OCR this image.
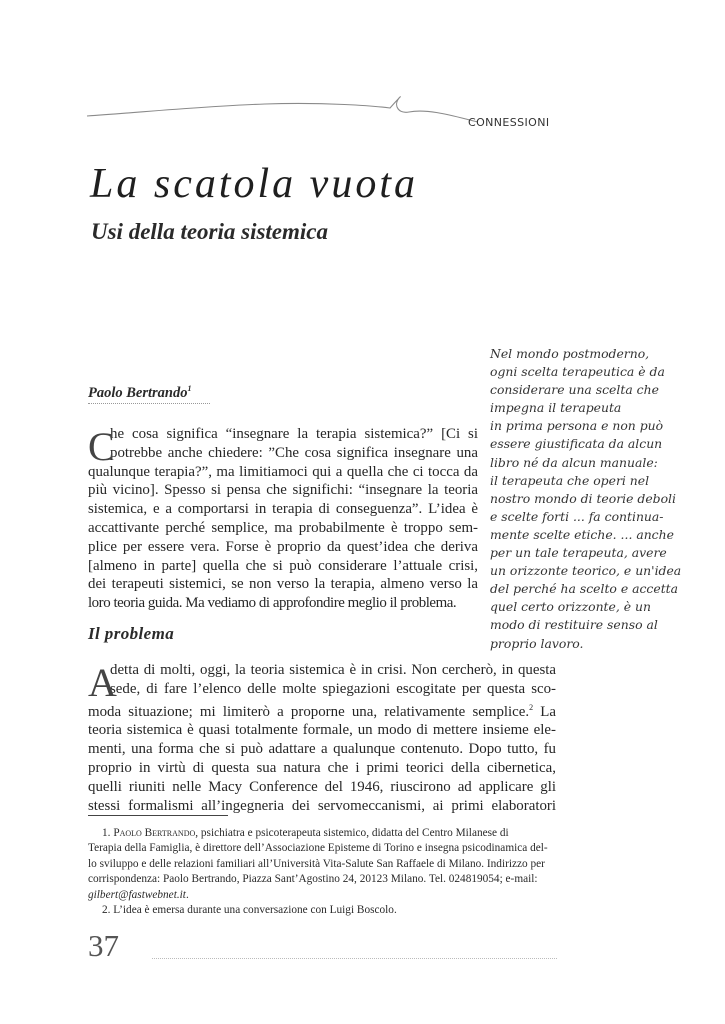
CONNESSIONI
La scatola vuota
Usi della teoria sistemica
Nel mondo postmoderno,
ogni scelta terapeutica è da
considerare una scelta che
impegna il terapeuta
in prima persona e non può
essere giustificata da alcun
libro né da alcun manuale:
il terapeuta che operi nel
nostro mondo di teorie deboli
e scelte forti ... fa continua-
mente scelte etiche. ... anche
per un tale terapeuta, avere
un orizzonte teorico, e un'idea
del perché ha scelto e accetta
quel certo orizzonte, è un
modo di restituire senso al
proprio lavoro.
Paolo Bertrando$^1$
C
he cosa significa “insegnare la terapia sistemica?” [Ci si
potrebbe anche chiedere: ”Che cosa significa insegnare una
qualunque terapia?”, ma limitiamoci qui a quella che ci tocca da
più vicino]. Spesso si pensa che significhi: “insegnare la teoria
sistemica, e a comportarsi in terapia di conseguenza”. L’idea è
accattivante perché semplice, ma probabilmente è troppo sem-
plice per essere vera. Forse è proprio da quest’idea che deriva
[almeno in parte] quella che si può considerare l’attuale crisi,
dei terapeuti sistemici, se non verso la terapia, almeno verso la
loro teoria guida. Ma vediamo di approfondire meglio il problema.
Il problema
A
detta di molti, oggi, la teoria sistemica è in crisi. Non cercherò, in questa
sede, di fare l’elenco delle molte spiegazioni escogitate per questa sco-
moda situazione; mi limiterò a proporne una, relativamente semplice.$^2$ La
teoria sistemica è quasi totalmente formale, un modo di mettere insieme ele-
menti, una forma che si può adattare a qualunque contenuto. Dopo tutto, fu
proprio in virtù di questa sua natura che i primi teorici della cibernetica,
quelli riuniti nelle Macy Conference del 1946, riuscirono ad applicare gli
stessi formalismi all’ingegneria dei servomeccanismi, ai primi elaboratori
1. Paolo Bertrando, psichiatra e psicoterapeuta sistemico, didatta del Centro Milanese di
Terapia della Famiglia, è direttore dell’Associazione Episteme di Torino e insegna psicodinamica del-
lo sviluppo e delle relazioni familiari all’Università Vita-Salute San Raffaele di Milano. Indirizzo per
corrispondenza: Paolo Bertrando, Piazza Sant’Agostino 24, 20123 Milano. Tel. 024819054; e-mail:
gilbert@fastwebnet.it.
2. L’idea è emersa durante una conversazione con Luigi Boscolo.
37
